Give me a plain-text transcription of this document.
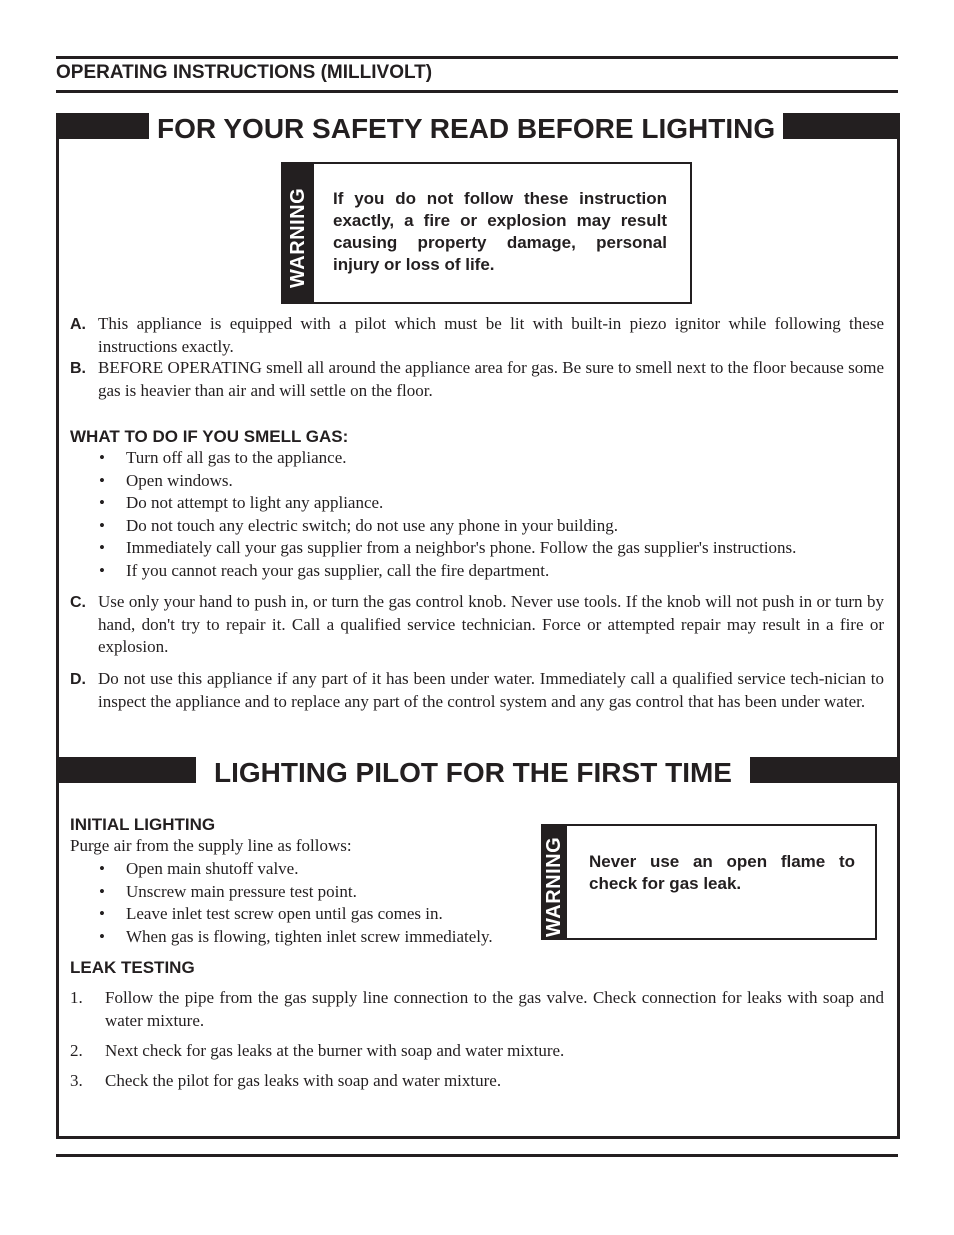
OPERATING INSTRUCTIONS (MILLIVOLT)
FOR YOUR SAFETY READ BEFORE LIGHTING
WARNING If you do not follow these instruction exactly, a fire or explosion may result causing property damage, personal injury or loss of life.
A. This appliance is equipped with a pilot which must be lit with built-in piezo ignitor while following these instructions exactly.
B. BEFORE OPERATING smell all around the appliance area for gas. Be sure to smell next to the floor because some gas is heavier than air and will settle on the floor.
WHAT TO DO IF YOU SMELL GAS:
• Turn off all gas to the appliance.
• Open windows.
• Do not attempt to light any appliance.
• Do not touch any electric switch; do not use any phone in your building.
• Immediately call your gas supplier from a neighbor's phone. Follow the gas supplier's instructions.
• If you cannot reach your gas supplier, call the fire department.
C. Use only your hand to push in, or turn the gas control knob. Never use tools. If the knob will not push in or turn by hand, don't try to repair it. Call a qualified service technician. Force or attempted repair may result in a fire or explosion.
D. Do not use this appliance if any part of it has been under water. Immediately call a qualified service tech-nician to inspect the appliance and to replace any part of the control system and any gas control that has been under water.
LIGHTING PILOT FOR THE FIRST TIME
INITIAL LIGHTING
Purge air from the supply line as follows:
• Open main shutoff valve.
• Unscrew main pressure test point.
• Leave inlet test screw open until gas comes in.
• When gas is flowing, tighten inlet screw immediately.	WARNING Never use an open flame to check for gas leak.
LEAK TESTING
1. Follow the pipe from the gas supply line connection to the gas valve. Check connection for leaks with soap and water mixture.
2. Next check for gas leaks at the burner with soap and water mixture.
3. Check the pilot for gas leaks with soap and water mixture.
